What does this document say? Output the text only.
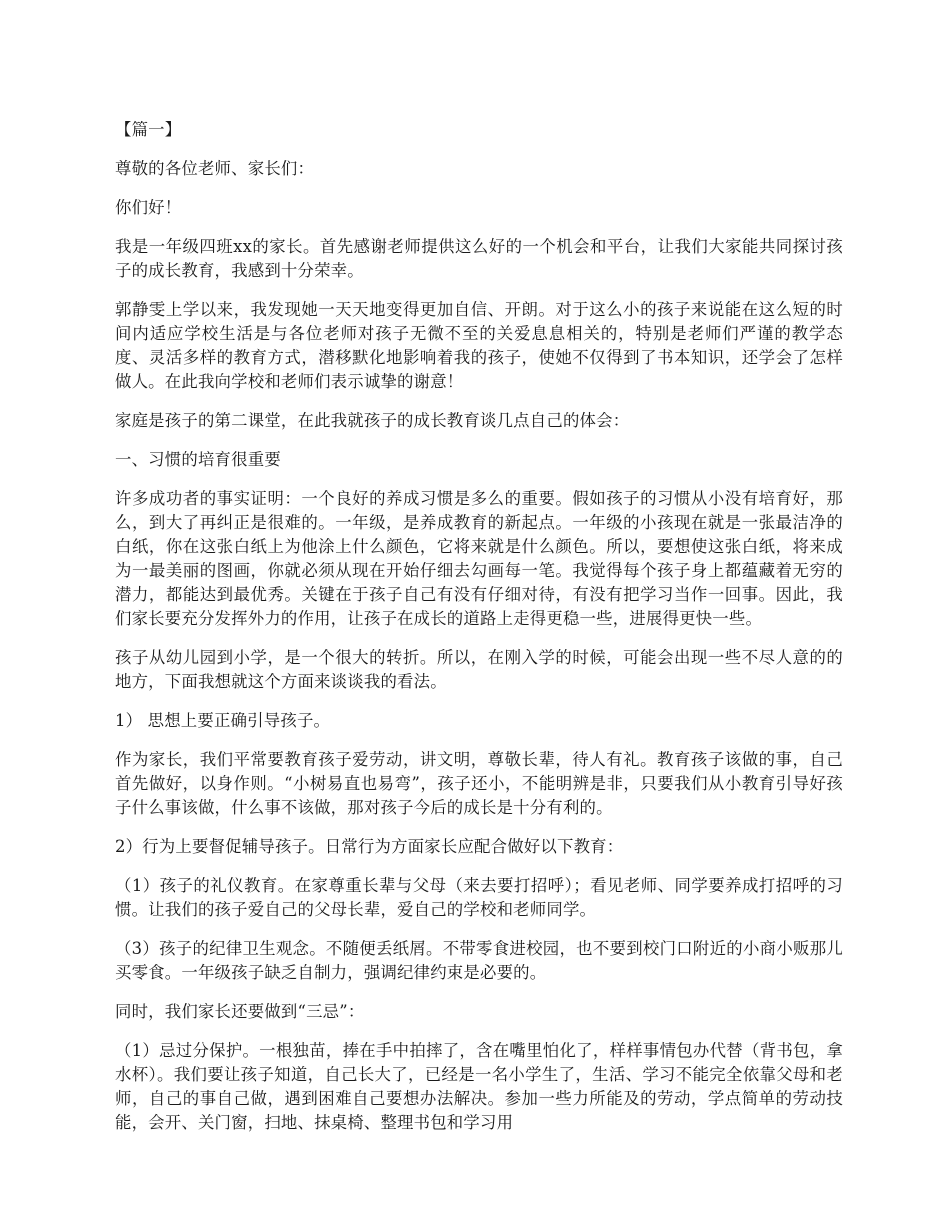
【篇一】

尊敬的各位老师、家长们：

你们好！

我是一年级四班xx的家长。首先感谢老师提供这么好的一个机会和平台，让我们大家能共同探讨孩子的成长教育，我感到十分荣幸。

郭静雯上学以来，我发现她一天天地变得更加自信、开朗。对于这么小的孩子来说能在这么短的时间内适应学校生活是与各位老师对孩子无微不至的关爱息息相关的，特别是老师们严谨的教学态度、灵活多样的教育方式，潜移默化地影响着我的孩子，使她不仅得到了书本知识，还学会了怎样做人。在此我向学校和老师们表示诚挚的谢意！

家庭是孩子的第二课堂，在此我就孩子的成长教育谈几点自己的体会：

一、习惯的培育很重要

许多成功者的事实证明：一个良好的养成习惯是多么的重要。假如孩子的习惯从小没有培育好，那么，到大了再纠正是很难的。一年级，是养成教育的新起点。一年级的小孩现在就是一张最洁净的白纸，你在这张白纸上为他涂上什么颜色，它将来就是什么颜色。所以，要想使这张白纸，将来成为一最美丽的图画，你就必须从现在开始仔细去勾画每一笔。我觉得每个孩子身上都蕴藏着无穷的潜力，都能达到最优秀。关键在于孩子自己有没有仔细对待，有没有把学习当作一回事。因此，我们家长要充分发挥外力的作用，让孩子在成长的道路上走得更稳一些，进展得更快一些。

孩子从幼儿园到小学，是一个很大的转折。所以，在刚入学的时候，可能会出现一些不尽人意的的地方，下面我想就这个方面来谈谈我的看法。

1） 思想上要正确引导孩子。

作为家长，我们平常要教育孩子爱劳动，讲文明，尊敬长辈，待人有礼。教育孩子该做的事，自己首先做好，以身作则。“小树易直也易弯”，孩子还小，不能明辨是非，只要我们从小教育引导好孩子什么事该做，什么事不该做，那对孩子今后的成长是十分有利的。

2）行为上要督促辅导孩子。日常行为方面家长应配合做好以下教育：

（1）孩子的礼仪教育。在家尊重长辈与父母（来去要打招呼）；看见老师、同学要养成打招呼的习惯。让我们的孩子爱自己的父母长辈，爱自己的学校和老师同学。

（3）孩子的纪律卫生观念。不随便丢纸屑。不带零食进校园，也不要到校门口附近的小商小贩那儿买零食。一年级孩子缺乏自制力，强调纪律约束是必要的。

同时，我们家长还要做到“三忌”：

（1）忌过分保护。一根独苗，捧在手中拍摔了，含在嘴里怕化了，样样事情包办代替（背书包，拿水杯）。我们要让孩子知道，自己长大了，已经是一名小学生了，生活、学习不能完全依靠父母和老师，自己的事自己做，遇到困难自己要想办法解决。参加一些力所能及的劳动，学点简单的劳动技能，会开、关门窗，扫地、抹桌椅、整理书包和学习用
